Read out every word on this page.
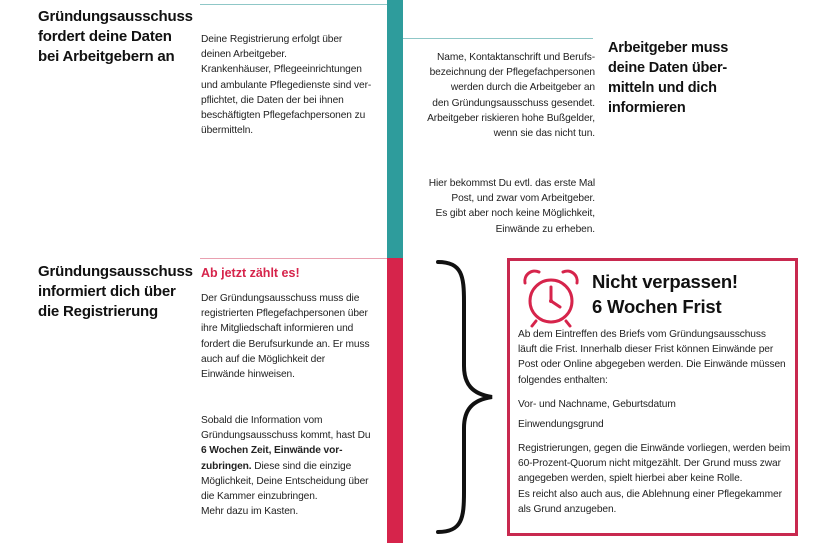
Gründungsausschuss
fordert deine Daten
bei Arbeitgebern an
Deine Registrierung erfolgt über
deinen Arbeitgeber.
Krankenhäuser, Pflegeeinrichtungen
und ambulante Pflegedienste sind ver-
pflichtet, die Daten der bei ihnen
beschäftigten Pflegefachpersonen zu
übermitteln.
Name, Kontaktanschrift und Berufs-
bezeichnung der Pflegefachpersonen
werden durch die Arbeitgeber an
den Gründungsausschuss gesendet.
Arbeitgeber riskieren hohe Bußgelder,
wenn sie das nicht tun.
Hier bekommst Du evtl. das erste Mal
Post, und zwar vom Arbeitgeber.
Es gibt aber noch keine Möglichkeit,
Einwände zu erheben.
Arbeitgeber muss
deine Daten über-
mitteln und dich
informieren
Gründungsausschuss
informiert dich über
die Registrierung
Ab jetzt zählt es!
Der Gründungsausschuss muss die
registrierten Pflegefachpersonen über
ihre Mitgliedschaft informieren und
fordert die Berufsurkunde an. Er muss
auch auf die Möglichkeit der
Einwände hinweisen.
Sobald die Information vom
Gründungsausschuss kommt, hast Du
6 Wochen Zeit, Einwände vor-
zubringen. Diese sind die einzige
Möglichkeit, Deine Entscheidung über
die Kammer einzubringen.
Mehr dazu im Kasten.
Nicht verpassen!
6 Wochen Frist
Ab dem Eintreffen des Briefs vom Gründungsausschuss
läuft die Frist. Innerhalb dieser Frist können Einwände per
Post oder Online abgegeben werden. Die Einwände müssen
folgendes enthalten:
Vor- und Nachname, Geburtsdatum
Einwendungsgrund
Registrierungen, gegen die Einwände vorliegen, werden beim
60-Prozent-Quorum nicht mitgezählt. Der Grund muss zwar
angegeben werden, spielt hierbei aber keine Rolle.
Es reicht also auch aus, die Ablehnung einer Pflegekammer
als Grund anzugeben.
